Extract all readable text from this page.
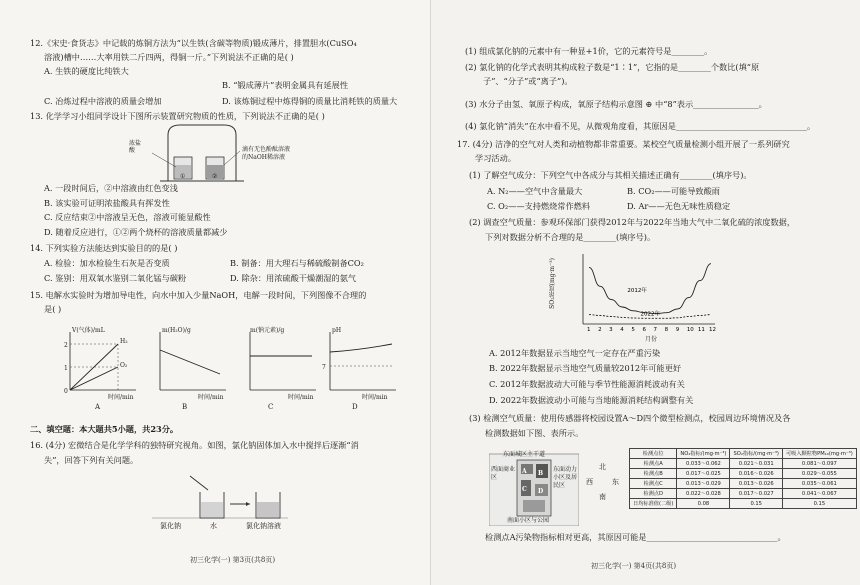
12.《宋史·食货志》中记载的炼铜方法为“以生铁(含碳等物质)锻成薄片，排置胆水(CuSO₄
溶液)槽中……大率用铁二斤四两，得铜一斤。”下列说法不正确的是( )
A. 生铁的硬度比纯铁大
B. “锻成薄片”表明金属具有延展性
C. 冶炼过程中溶液的质量会增加	D. 该炼铜过程中炼得铜的质量比消耗铁的质量大
13. 化学学习小组同学设计下图所示装置研究物质的性质，下列说法不正确的是( )
浓盐酸	滴有无色酚酞溶液
的NaOH稀溶液
①	②
A. 一段时间后，②中溶液由红色变浅
B. 该实验可证明浓盐酸具有挥发性
C. 反应结束②中溶液呈无色，溶液可能显酸性
D. 随着反应进行，①②两个烧杯的溶液质量都减少
14. 下列实验方法能达到实验目的的是( )
A. 检验：加水检验生石灰是否变质	B. 制备：用大理石与稀硫酸制备CO₂
C. 鉴别：用双氧水鉴别二氧化锰与碳粉	D. 除杂：用浓硫酸干燥潮湿的氨气
15. 电解水实验时为增加导电性，向水中加入少量NaOH，电解一段时间，下列图像不合理的
是( )
V(气体)/mL
2
1
0
H₂
O₂
时间/min
A
m(H₂O)/g
时间/min
B
m(钠元素)/g
时间/min
C
pH
7
时间/min
D
二、填空题：本大题共5小题，共23分。
16. (4分) 宏微结合是化学学科的独特研究视角。如图，氯化钠固体加入水中搅拌后逐渐“消
失”，回答下列有关问题。
氯化钠	水	氯化钠溶液
初三化学(一) 第3页(共8页)
(1) 组成氯化钠的元素中有一种显+1价，它的元素符号是________。
(2) 氯化钠的化学式表明其构成粒子数是“1∶1”，它指的是________个数比(填“原
子”、“分子”或“离子”)。
(3) 水分子由氢、氧原子构成，氧原子结构示意图 ⊕ 中“8”表示________________。
(4) 氯化钠“消失”在水中看不见，从微观角度看，其原因是________________________________。
17. (4分) 洁净的空气对人类和动植物都非常重要。某校空气质量检测小组开展了一系列研究
学习活动。
(1) 了解空气成分：下列空气中各成分与其相关描述正确有________(填序号)。
A. N₂——空气中含量最大	B. CO₂——可能导致酸雨
C. O₂——支持燃烧常作燃料	D. Ar——无色无味性质稳定
(2) 调查空气质量：参观环保部门获得2012年与2022年当地大气中二氧化硫的浓度数据，
下列对数据分析不合理的是________(填序号)。
1 2 3 4 5 6 7 8 9 10 11 12
2012年
2022年
SO₂浓度(mg·m⁻³)
月份
A. 2012年数据显示当地空气一定存在严重污染
B. 2022年数据显示当地空气质量较2012年可能更好
C. 2012年数据波动大可能与季节性能源消耗波动有关
D. 2022年数据波动小可能与当地能源消耗结构调整有关
(3) 检测空气质量：使用传感器将校园设置A～D四个微型检测点，校园周边环境情况及各
检测数据如下图、表所示。
东面城区主干道
西面商业区
东面动力小区及居民区
南面小区与公园
A B
C D
北
西	东
南
检测点位	NO₂指标/(mg·m⁻³)	SO₂指标/(mg·m⁻³)	可吸入颗粒物PM₁₀(mg·m⁻³)
检测点A	0.033～0.062	0.021～0.031	0.081～0.097
检测点B	0.017～0.025	0.016～0.026	0.029～0.055
检测点C	0.013～0.029	0.013～0.026	0.035～0.061
检测点D	0.022～0.028	0.017～0.027	0.041～0.067
日均标准值(二级)	0.08	0.15	0.15
检测点A污染物指标相对更高，其原因可能是________________________________。
初三化学(一) 第4页(共8页)
